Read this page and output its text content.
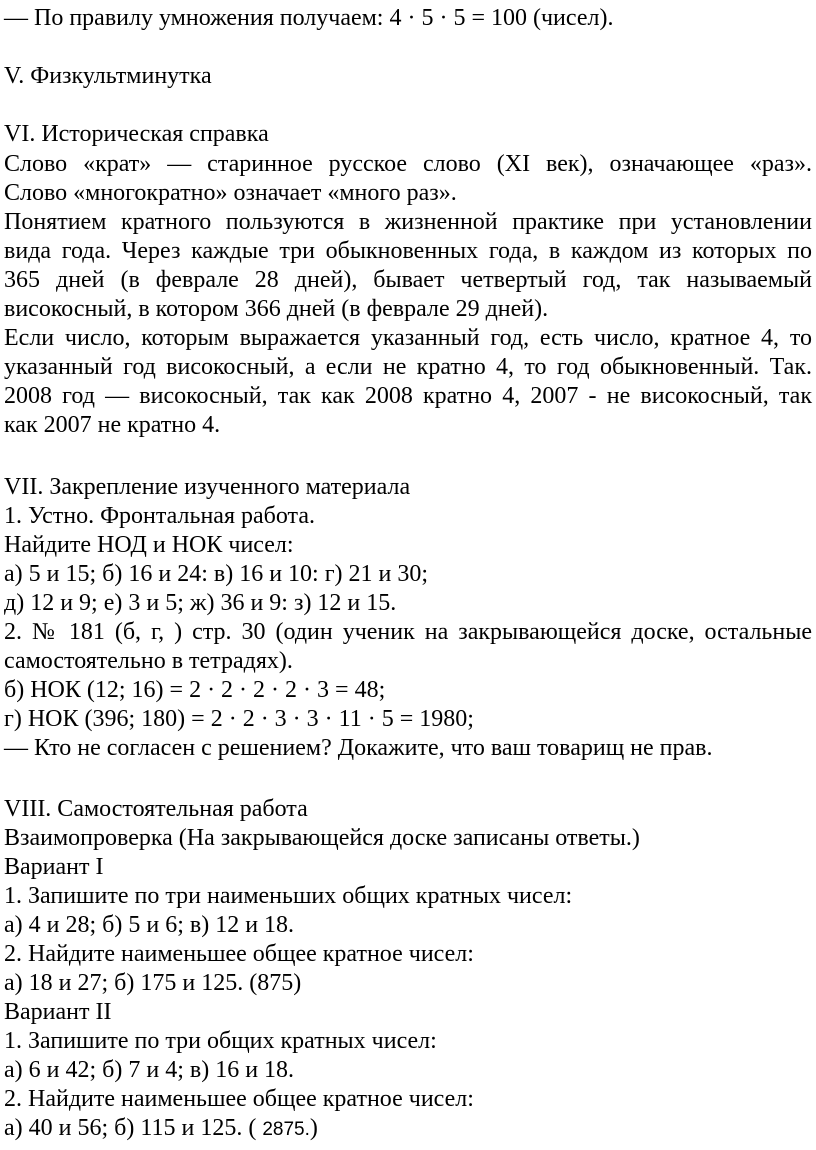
— По правилу умножения получаем: 4 · 5 · 5 = 100 (чисел).
V. Физкультминутка
VI. Историческая справка
Слово «крат» — старинное русское слово (XI век), означающее «раз».
Слово «многократно» означает «много раз».
Понятием кратного пользуются в жизненной практике при установлении
вида года. Через каждые три обыкновенных года, в каждом из которых по
365 дней (в феврале 28 дней), бывает четвертый год, так называемый
високосный, в котором 366 дней (в феврале 29 дней).
Если число, которым выражается указанный год, есть число, кратное 4, то
указанный год високосный, а если не кратно 4, то год обыкновенный. Так.
2008 год — високосный, так как 2008 кратно 4, 2007 - не високосный, так
как 2007 не кратно 4.
VII. Закрепление изученного материала
1. Устно. Фронтальная работа.
Найдите НОД и НОК чисел:
а) 5 и 15; б) 16 и 24: в) 16 и 10: г) 21 и 30;
д) 12 и 9; е) 3 и 5; ж) 36 и 9: з) 12 и 15.
2. № 181 (б, г, ) стр. 30 (один ученик на закрывающейся доске, остальные
самостоятельно в тетрадях).
б) НОК (12; 16) = 2 · 2 · 2 · 2 · 3 = 48;
г) НОК (396; 180) = 2 · 2 · 3 · 3 · 11 · 5 = 1980;
— Кто не согласен с решением? Докажите, что ваш товарищ не прав.
VIII. Самостоятельная работа
Взаимопроверка (На закрывающейся доске записаны ответы.)
Вариант I
1. Запишите по три наименьших общих кратных чисел:
а) 4 и 28; б) 5 и 6; в) 12 и 18.
2. Найдите наименьшее общее кратное чисел:
а) 18 и 27; б) 175 и 125. (875)
Вариант II
1. Запишите по три общих кратных чисел:
а) 6 и 42; б) 7 и 4; в) 16 и 18.
2. Найдите наименьшее общее кратное чисел:
а) 40 и 56; б) 115 и 125. ( 2875.)
